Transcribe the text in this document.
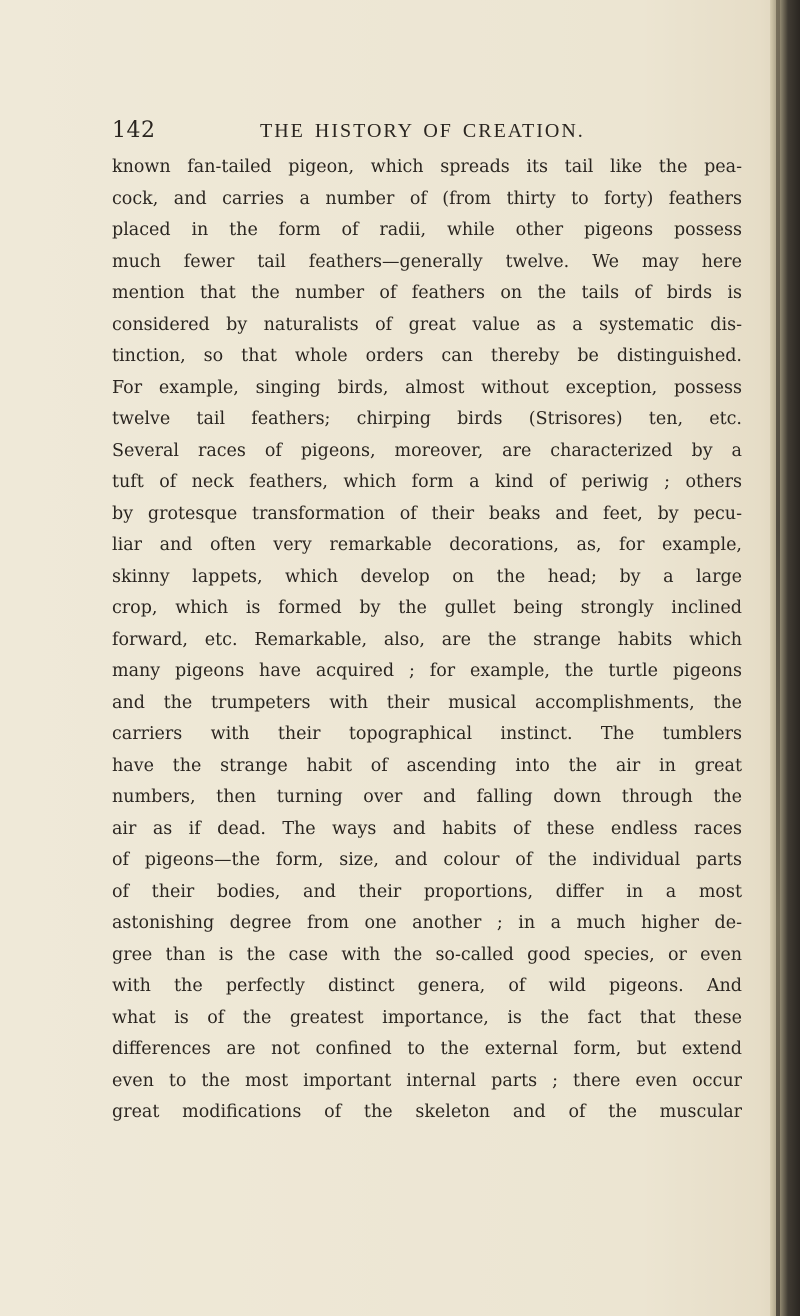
142	THE HISTORY OF CREATION.
known fan-tailed pigeon, which spreads its tail like the pea-
cock, and carries a number of (from thirty to forty) feathers
placed in the form of radii, while other pigeons possess
much fewer tail feathers—generally twelve. We may here
mention that the number of feathers on the tails of birds is
considered by naturalists of great value as a systematic dis-
tinction, so that whole orders can thereby be distinguished.
For example, singing birds, almost without exception, possess
twelve tail feathers; chirping birds (Strisores) ten, etc.
Several races of pigeons, moreover, are characterized by a
tuft of neck feathers, which form a kind of periwig ; others
by grotesque transformation of their beaks and feet, by pecu-
liar and often very remarkable decorations, as, for example,
skinny lappets, which develop on the head; by a large
crop, which is formed by the gullet being strongly inclined
forward, etc. Remarkable, also, are the strange habits which
many pigeons have acquired ; for example, the turtle pigeons
and the trumpeters with their musical accomplishments, the
carriers with their topographical instinct. The tumblers
have the strange habit of ascending into the air in great
numbers, then turning over and falling down through the
air as if dead. The ways and habits of these endless races
of pigeons—the form, size, and colour of the individual parts
of their bodies, and their proportions, differ in a most
astonishing degree from one another ; in a much higher de-
gree than is the case with the so-called good species, or even
with the perfectly distinct genera, of wild pigeons. And
what is of the greatest importance, is the fact that these
differences are not confined to the external form, but extend
even to the most important internal parts ; there even occur
great modifications of the skeleton and of the muscular
